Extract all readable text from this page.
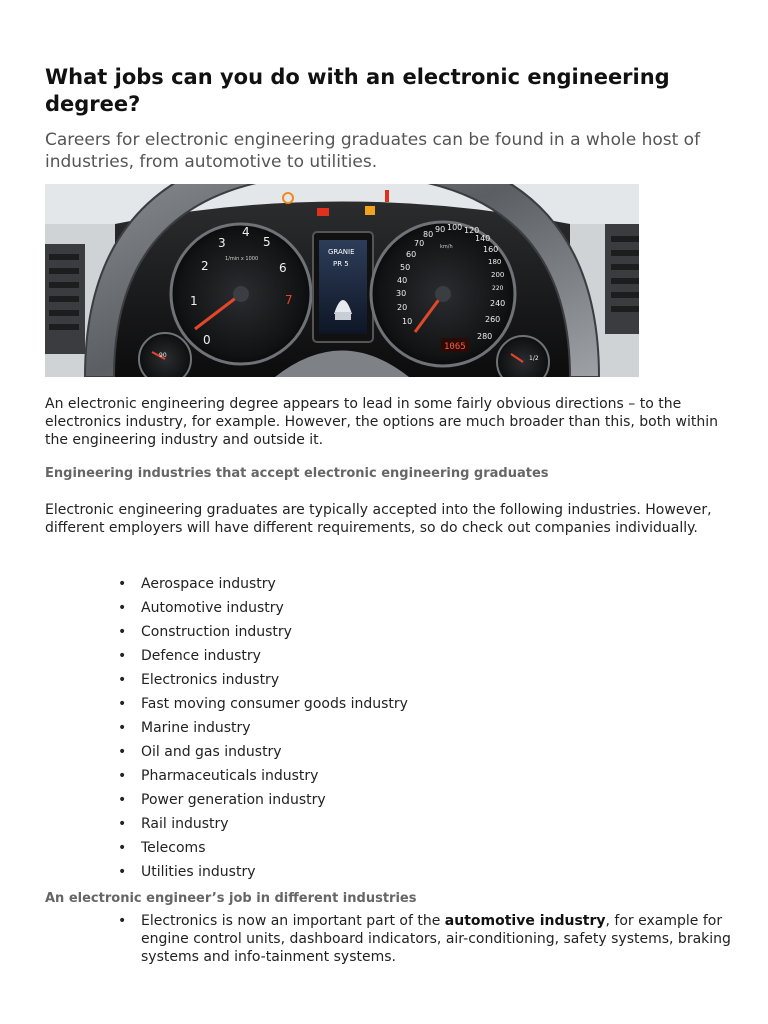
What jobs can you do with an electronic engineering degree?

Careers for electronic engineering graduates can be found in a whole host of industries, from automotive to utilities.

0
1
2
3
4
5
6
7
1/min x 1000
GRANIE
PR 5
10
20
30
40
50
60
70
80
90 100 120
140
160
180
200
220
240
260
280
km/h
1065
90	1/2

An electronic engineering degree appears to lead in some fairly obvious directions – to the electronics industry, for example. However, the options are much broader than this, both within the engineering industry and outside it.

Engineering industries that accept electronic engineering graduates

Electronic engineering graduates are typically accepted into the following industries. However, different employers will have different requirements, so do check out companies individually.

• Aerospace industry
• Automotive industry
• Construction industry
• Defence industry
• Electronics industry
• Fast moving consumer goods industry
• Marine industry
• Oil and gas industry
• Pharmaceuticals industry
• Power generation industry
• Rail industry
• Telecoms
• Utilities industry
An electronic engineer’s job in different industries
• Electronics is now an important part of the automotive industry, for example for engine control units, dashboard indicators, air-conditioning, safety systems, braking systems and info-tainment systems.
